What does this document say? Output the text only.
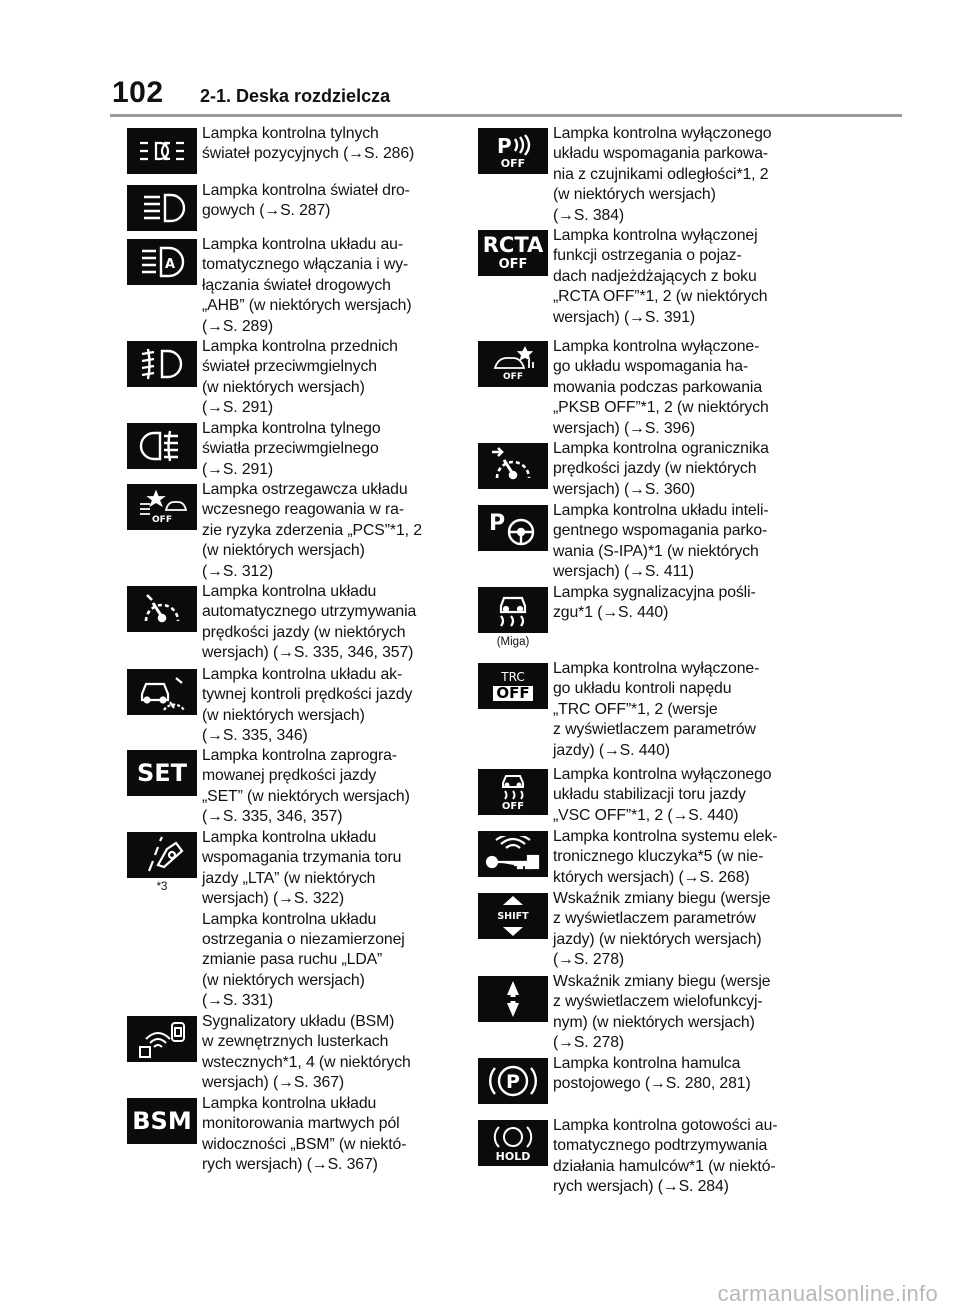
102 2-1. Deska rozdzielcza
Lampka kontrolna tylnych
świateł pozycyjnych (→S. 286)
Lampka kontrolna świateł dro-
gowych (→S. 287)
A
Lampka kontrolna układu au-
tomatycznego włączania i wy-
łączania świateł drogowych
„AHB” (w niektórych wersjach)
(→S. 289)
Lampka kontrolna przednich
świateł przeciwmgielnych
(w niektórych wersjach)
(→S. 291)
Lampka kontrolna tylnego
światła przeciwmgielnego
(→S. 291)
OFF
Lampka ostrzegawcza układu
wczesnego reagowania w ra-
zie ryzyka zderzenia „PCS”*1, 2
(w niektórych wersjach)
(→S. 312)
Lampka kontrolna układu
automatycznego utrzymywania
prędkości jazdy (w niektórych
wersjach) (→S. 335, 346, 357)
Lampka kontrolna układu ak-
tywnej kontroli prędkości jazdy
(w niektórych wersjach)
(→S. 335, 346)
SET
Lampka kontrolna zaprogra-
mowanej prędkości jazdy
„SET” (w niektórych wersjach)
(→S. 335, 346, 357)
*3
Lampka kontrolna układu
wspomagania trzymania toru
jazdy „LTA” (w niektórych
wersjach) (→S. 322)
Lampka kontrolna układu
ostrzegania o niezamierzonej
zmianie pasa ruchu „LDA”
(w niektórych wersjach)
(→S. 331)
Sygnalizatory układu (BSM)
w zewnętrznych lusterkach
wstecznych*1, 4 (w niektórych
wersjach) (→S. 367)
BSM
Lampka kontrolna układu
monitorowania martwych pól
widoczności „BSM” (w niektó-
rych wersjach) (→S. 367)
P
OFF
Lampka kontrolna wyłączonego
układu wspomagania parkowa-
nia z czujnikami odległości*1, 2
(w niektórych wersjach)
(→S. 384)
RCTA
OFF
Lampka kontrolna wyłączonej
funkcji ostrzegania o pojaz-
dach nadjeżdżających z boku
„RCTA OFF”*1, 2 (w niektórych
wersjach) (→S. 391)
OFF
Lampka kontrolna wyłączone-
go układu wspomagania ha-
mowania podczas parkowania
„PKSB OFF”*1, 2 (w niektórych
wersjach) (→S. 396)
Lampka kontrolna ogranicznika
prędkości jazdy (w niektórych
wersjach) (→S. 360)
P
Lampka kontrolna układu inteli-
gentnego wspomagania parko-
wania (S-IPA)*1 (w niektórych
wersjach) (→S. 411)
(Miga)
Lampka sygnalizacyjna pośli-
zgu*1 (→S. 440)
TRC
OFF
Lampka kontrolna wyłączone-
go układu kontroli napędu
„TRC OFF”*1, 2 (wersje
z wyświetlaczem parametrów
jazdy) (→S. 440)
OFF
Lampka kontrolna wyłączonego
układu stabilizacji toru jazdy
„VSC OFF”*1, 2 (→S. 440)
Lampka kontrolna systemu elek-
tronicznego kluczyka*5 (w nie-
których wersjach) (→S. 268)
SHIFT
Wskaźnik zmiany biegu (wersje
z wyświetlaczem parametrów
jazdy) (w niektórych wersjach)
(→S. 278)
Wskaźnik zmiany biegu (wersje
z wyświetlaczem wielofunkcyj-
nym) (w niektórych wersjach)
(→S. 278)
P
Lampka kontrolna hamulca
postojowego (→S. 280, 281)
HOLD
Lampka kontrolna gotowości au-
tomatycznego podtrzymywania
działania hamulców*1 (w niektó-
rych wersjach) (→S. 284)
carmanualsonline.info
